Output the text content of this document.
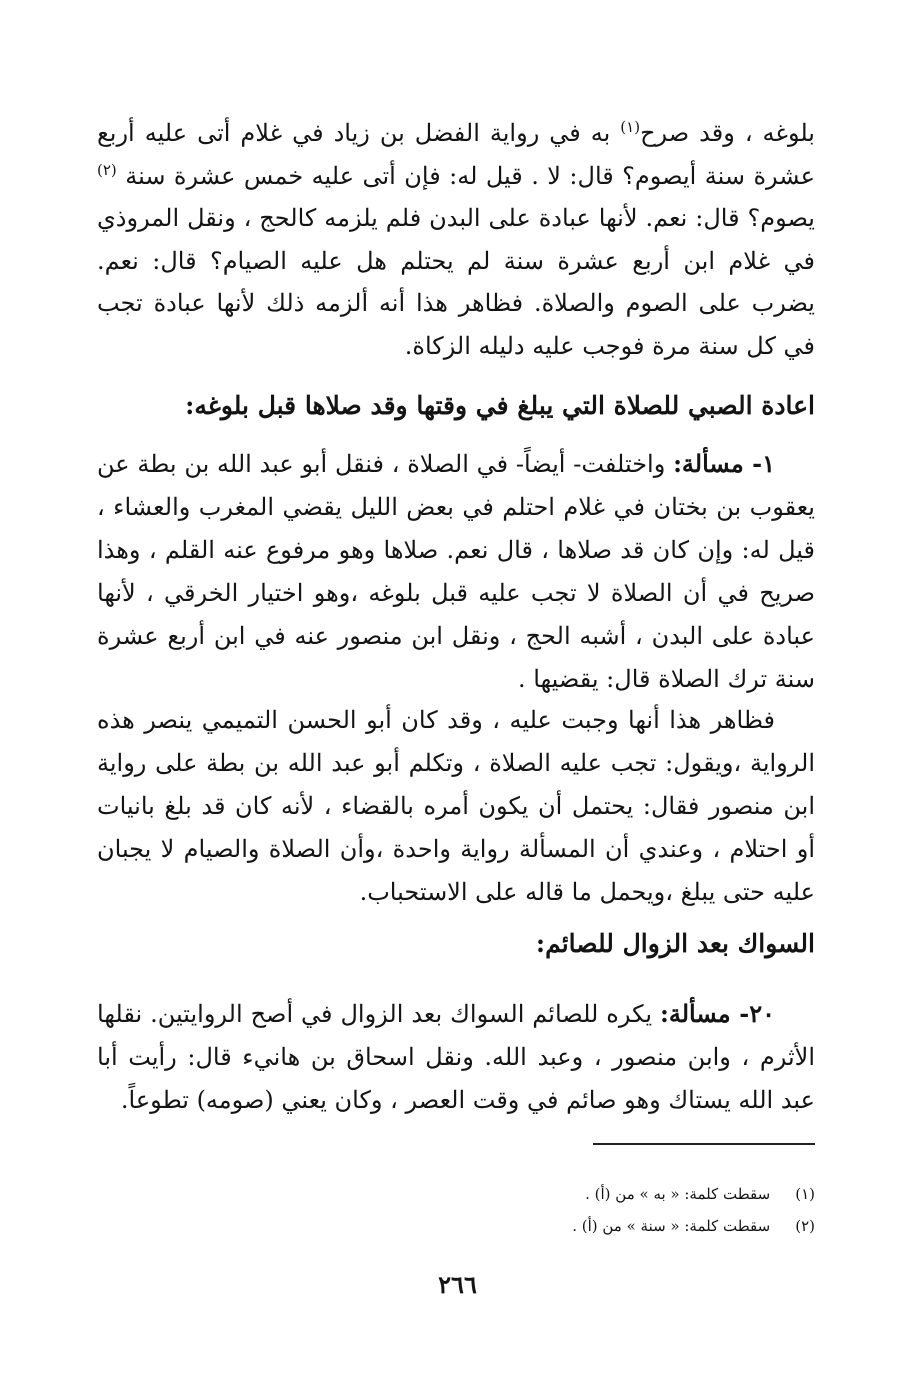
بلوغه ، وقد صرح$^{(١)}$ به في رواية الفضل بن زياد في غلام أتى عليه أربع عشرة سنة أيصوم؟ قال: لا . قيل له: فإن أتى عليه خمس عشرة سنة $^{(٢)}$ يصوم؟ قال: نعم. لأنها عبادة على البدن فلم يلزمه كالحج ، ونقل المروذي في غلام ابن أربع عشرة سنة لم يحتلم هل عليه الصيام؟ قال: نعم. يضرب على الصوم والصلاة. فظاهر هذا أنه ألزمه ذلك لأنها عبادة تجب في كل سنة مرة فوجب عليه دليله الزكاة.

اعادة الصبي للصلاة التي يبلغ في وقتها وقد صلاها قبل بلوغه:

١- مسألة: واختلفت- أيضاً- في الصلاة ، فنقل أبو عبد الله بن بطة عن يعقوب بن بختان في غلام احتلم في بعض الليل يقضي المغرب والعشاء ، قيل له: وإن كان قد صلاها ، قال نعم. صلاها وهو مرفوع عنه القلم ، وهذا صريح في أن الصلاة لا تجب عليه قبل بلوغه ،وهو اختيار الخرقي ، لأنها عبادة على البدن ، أشبه الحج ، ونقل ابن منصور عنه في ابن أربع عشرة سنة ترك الصلاة قال: يقضيها .

فظاهر هذا أنها وجبت عليه ، وقد كان أبو الحسن التميمي ينصر هذه الرواية ،ويقول: تجب عليه الصلاة ، وتكلم أبو عبد الله بن بطة على رواية ابن منصور فقال: يحتمل أن يكون أمره بالقضاء ، لأنه كان قد بلغ بانيات أو احتلام ، وعندي أن المسألة رواية واحدة ،وأن الصلاة والصيام لا يجبان عليه حتى يبلغ ،ويحمل ما قاله على الاستحباب.

السواك بعد الزوال للصائم:

٢٠- مسألة: يكره للصائم السواك بعد الزوال في أصح الروايتين. نقلها الأثرم ، وابن منصور ، وعبد الله. ونقل اسحاق بن هانيء قال: رأيت أبا عبد الله يستاك وهو صائم في وقت العصر ، وكان يعني (صومه) تطوعاً.

(١) سقطت كلمة: « به » من (أ) .
(٢) سقطت كلمة: « سنة » من (أ) .
٢٦٦
